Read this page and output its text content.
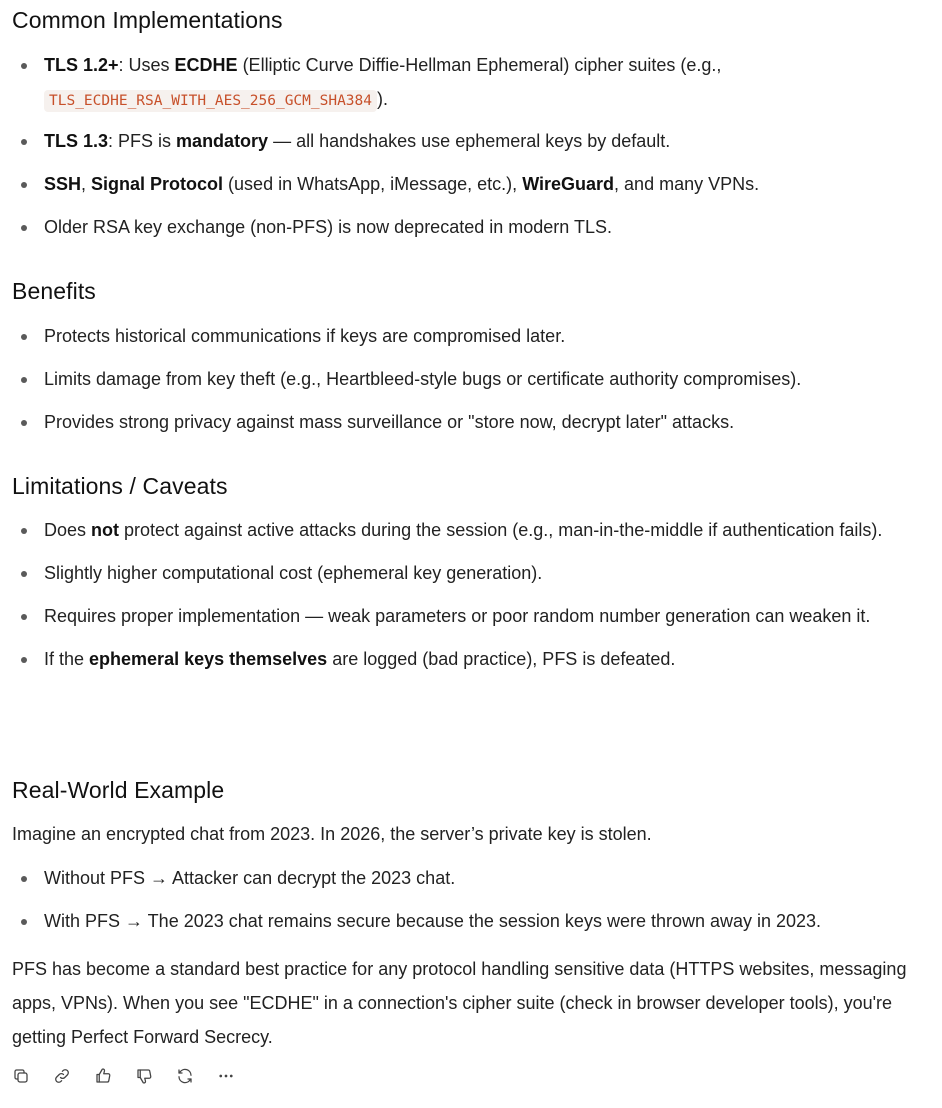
Common Implementations
TLS 1.2+: Uses ECDHE (Elliptic Curve Diffie-Hellman Ephemeral) cipher suites (e.g.,
TLS_ECDHE_RSA_WITH_AES_256_GCM_SHA384 ).
TLS 1.3: PFS is mandatory — all handshakes use ephemeral keys by default.
SSH, Signal Protocol (used in WhatsApp, iMessage, etc.), WireGuard, and many VPNs.
Older RSA key exchange (non-PFS) is now deprecated in modern TLS.
Benefits
Protects historical communications if keys are compromised later.
Limits damage from key theft (e.g., Heartbleed-style bugs or certificate authority compromises).
Provides strong privacy against mass surveillance or "store now, decrypt later" attacks.
Limitations / Caveats
Does not protect against active attacks during the session (e.g., man-in-the-middle if authentication fails).
Slightly higher computational cost (ephemeral key generation).
Requires proper implementation — weak parameters or poor random number generation can weaken it.
If the ephemeral keys themselves are logged (bad practice), PFS is defeated.
Real-World Example

Imagine an encrypted chat from 2023. In 2026, the server’s private key is stolen.

Without PFS → Attacker can decrypt the 2023 chat.
With PFS → The 2023 chat remains secure because the session keys were thrown away in 2023.

PFS has become a standard best practice for any protocol handling sensitive data (HTTPS websites, messaging apps, VPNs). When you see "ECDHE" in a connection's cipher suite (check in browser developer tools), you're getting Perfect Forward Secrecy.
